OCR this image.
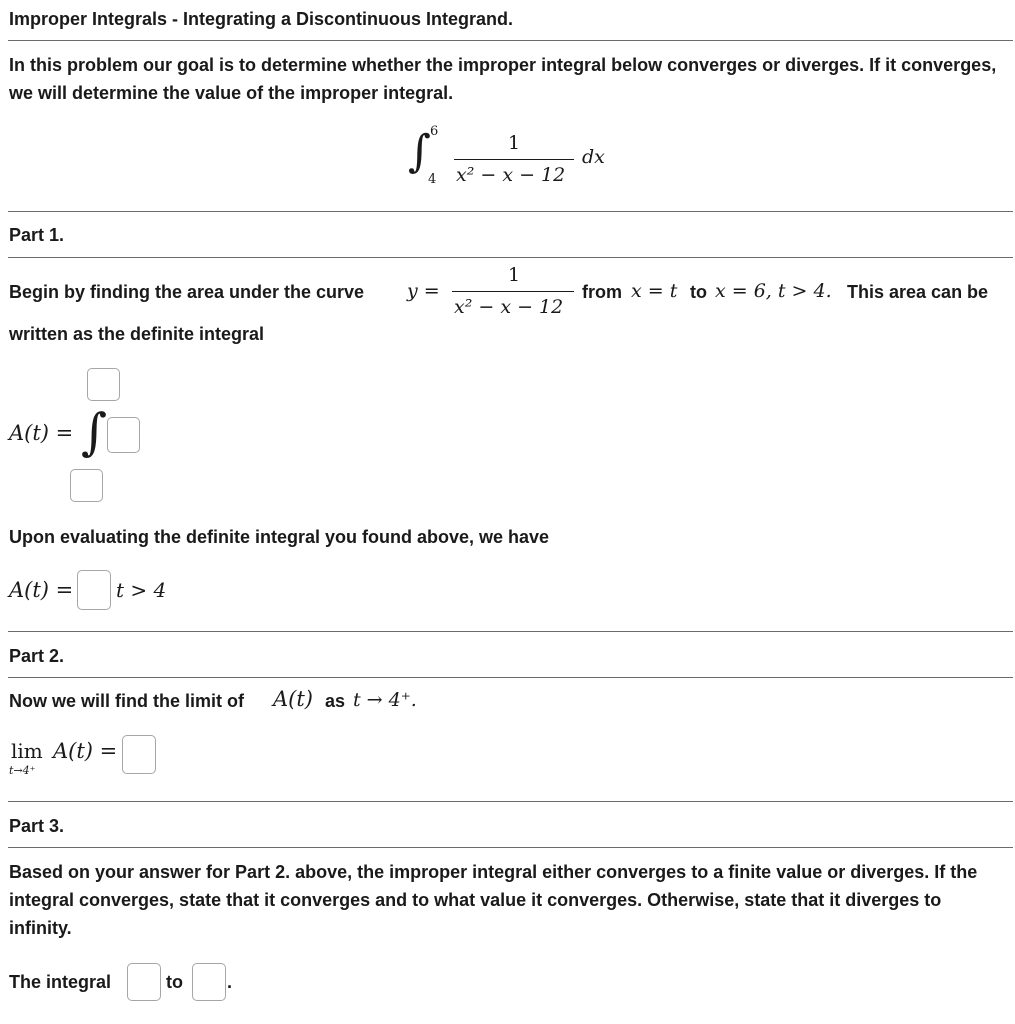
Improper Integrals - Integrating a Discontinuous Integrand.
In this problem our goal is to determine whether the improper integral below converges or diverges. If it converges, we will determine the value of the improper integral.
∫ 6
4
1
x² − x − 12
dx
Part 1.
Begin by finding the area under the curve y =
1
x² − x − 12
from x = t to x = 6, t > 4. This area can be
written as the definite integral
A(t) = ∫
Upon evaluating the definite integral you found above, we have
A(t) = t > 4
Part 2.
Now we will find the limit of A(t) as t → 4⁺.
lim
t→4⁺
A(t) =
Part 3.
Based on your answer for Part 2. above, the improper integral either converges to a finite value or diverges. If the integral converges, state that it converges and to what value it converges. Otherwise, state that it diverges to infinity.
The integral	to .
